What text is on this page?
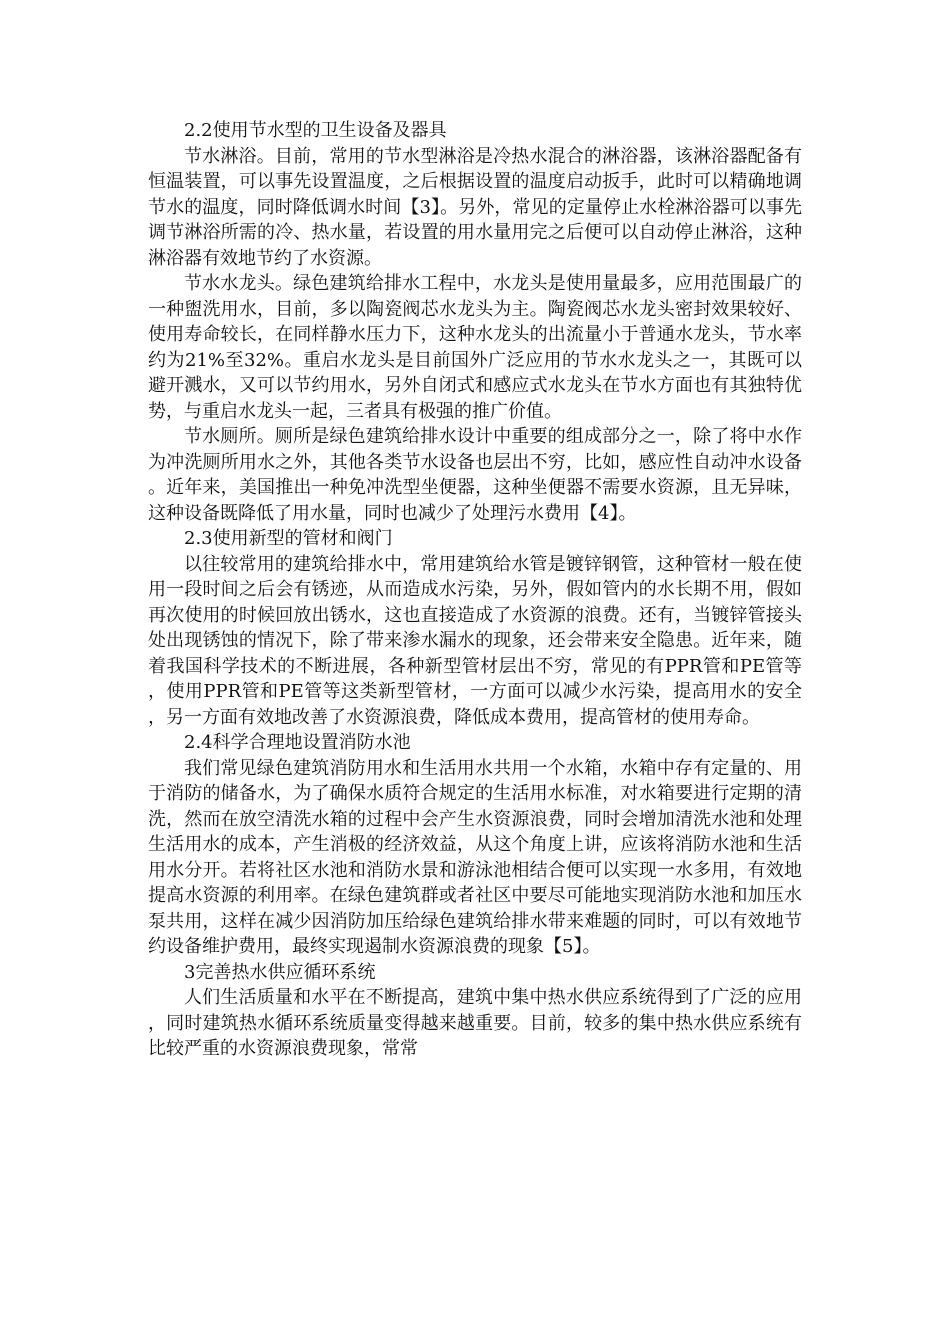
2.2使用节水型的卫生设备及器具

节水淋浴。目前，常用的节水型淋浴是冷热水混合的淋浴器，该淋浴器配备有恒温装置，可以事先设置温度，之后根据设置的温度启动扳手，此时可以精确地调节水的温度，同时降低调水时间【3】。另外，常见的定量停止水栓淋浴器可以事先调节淋浴所需的冷、热水量，若设置的用水量用完之后便可以自动停止淋浴，这种淋浴器有效地节约了水资源。

节水水龙头。绿色建筑给排水工程中，水龙头是使用量最多，应用范围最广的一种盥洗用水，目前，多以陶瓷阀芯水龙头为主。陶瓷阀芯水龙头密封效果较好、使用寿命较长，在同样静水压力下，这种水龙头的出流量小于普通水龙头，节水率约为21%至32%。重启水龙头是目前国外广泛应用的节水水龙头之一，其既可以避开溅水，又可以节约用水，另外自闭式和感应式水龙头在节水方面也有其独特优势，与重启水龙头一起，三者具有极强的推广价值。

节水厕所。厕所是绿色建筑给排水设计中重要的组成部分之一，除了将中水作为冲洗厕所用水之外，其他各类节水设备也层出不穷，比如，感应性自动冲水设备。近年来，美国推出一种免冲洗型坐便器，这种坐便器不需要水资源，且无异味，这种设备既降低了用水量，同时也减少了处理污水费用【4】。

2.3使用新型的管材和阀门

以往较常用的建筑给排水中，常用建筑给水管是镀锌钢管，这种管材一般在使用一段时间之后会有锈迹，从而造成水污染，另外，假如管内的水长期不用，假如再次使用的时候回放出锈水，这也直接造成了水资源的浪费。还有，当镀锌管接头处出现锈蚀的情况下，除了带来渗水漏水的现象，还会带来安全隐患。近年来，随着我国科学技术的不断进展，各种新型管材层出不穷，常见的有PPR管和PE管等，使用PPR管和PE管等这类新型管材，一方面可以减少水污染，提高用水的安全，另一方面有效地改善了水资源浪费，降低成本费用，提高管材的使用寿命。

2.4科学合理地设置消防水池

我们常见绿色建筑消防用水和生活用水共用一个水箱，水箱中存有定量的、用于消防的储备水，为了确保水质符合规定的生活用水标准，对水箱要进行定期的清洗，然而在放空清洗水箱的过程中会产生水资源浪费，同时会增加清洗水池和处理生活用水的成本，产生消极的经济效益，从这个角度上讲，应该将消防水池和生活用水分开。若将社区水池和消防水景和游泳池相结合便可以实现一水多用，有效地提高水资源的利用率。在绿色建筑群或者社区中要尽可能地实现消防水池和加压水泵共用，这样在减少因消防加压给绿色建筑给排水带来难题的同时，可以有效地节约设备维护费用，最终实现遏制水资源浪费的现象【5】。

3完善热水供应循环系统

人们生活质量和水平在不断提高，建筑中集中热水供应系统得到了广泛的应用，同时建筑热水循环系统质量变得越来越重要。目前，较多的集中热水供应系统有比较严重的水资源浪费现象，常常
